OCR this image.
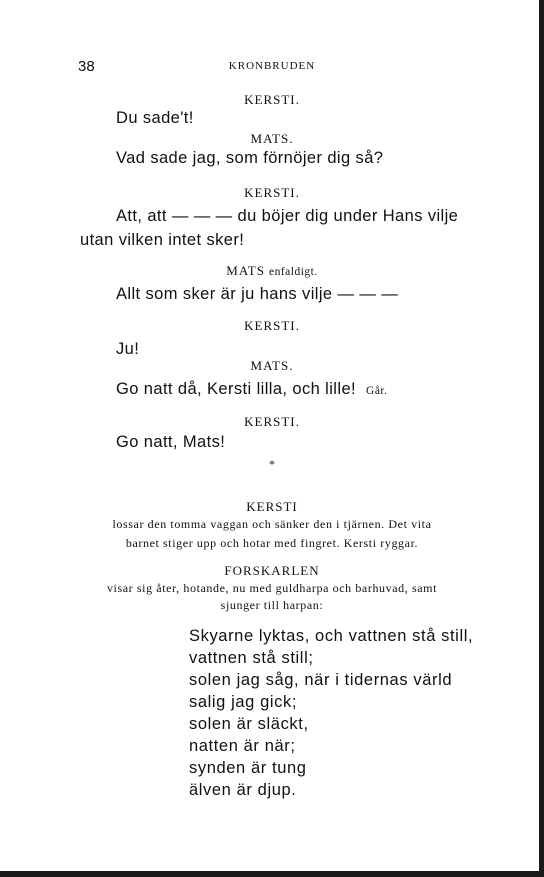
38	KRONBRUDEN
KERSTI.
Du sade't!
MATS.
Vad sade jag, som förnöjer dig så?
KERSTI.
Att, att — — — du böjer dig under Hans vilje
utan vilken intet sker!
MATS enfaldigt.
Allt som sker är ju hans vilje — — —
KERSTI.
Ju!
MATS.
Go natt då, Kersti lilla, och lille! Går.
KERSTI.
Go natt, Mats!
*
KERSTI
lossar den tomma vaggan och sänker den i tjärnen. Det vita
barnet stiger upp och hotar med fingret. Kersti ryggar.
FORSKARLEN
visar sig åter, hotande, nu med guldharpa och barhuvad, samt
sjunger till harpan:
Skyarne lyktas, och vattnen stå still,
vattnen stå still;
solen jag såg, när i tidernas värld
salig jag gick;
solen är släckt,
natten är när;
synden är tung
älven är djup.
